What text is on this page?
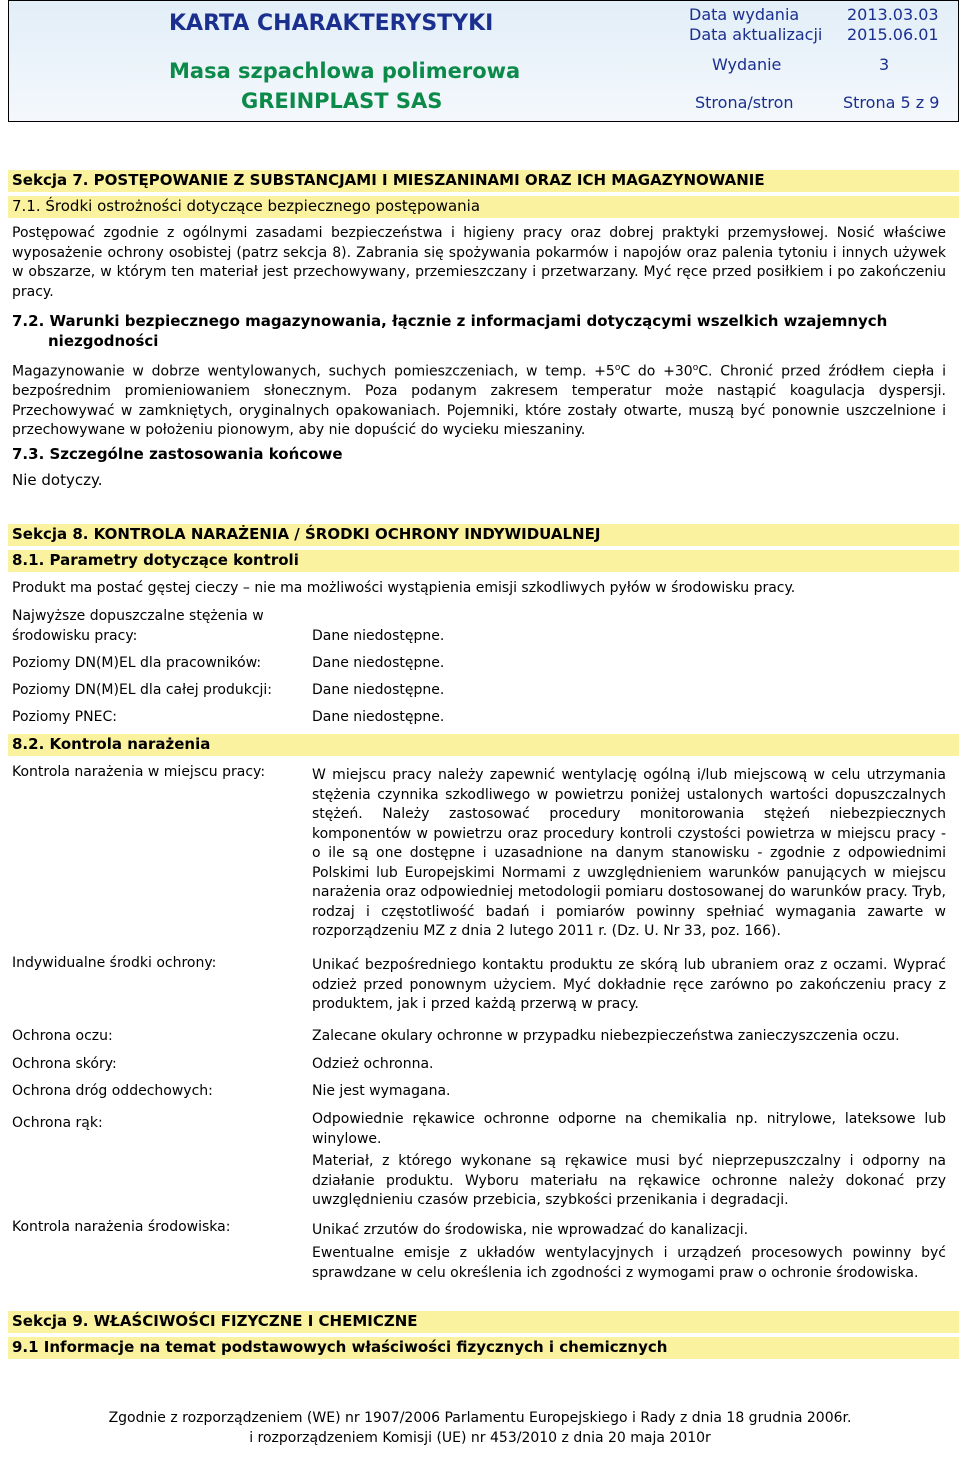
KARTA CHARAKTERYSTYKI
Masa szpachlowa polimerowa
GREINPLAST SAS
Data wydania	2013.03.03
Data aktualizacji 2015.06.01
Wydanie	3
Strona/stron	Strona 5 z 9
Sekcja 7. POSTĘPOWANIE Z SUBSTANCJAMI I MIESZANINAMI ORAZ ICH MAGAZYNOWANIE
7.1. Środki ostrożności dotyczące bezpiecznego postępowania
Postępować zgodnie z ogólnymi zasadami bezpieczeństwa i higieny pracy oraz dobrej praktyki przemysłowej. Nosić właściwe wyposażenie ochrony osobistej (patrz sekcja 8). Zabrania się spożywania pokarmów i napojów oraz palenia tytoniu i innych używek w obszarze, w którym ten materiał jest przechowywany, przemieszczany i przetwarzany. Myć ręce przed posiłkiem i po zakończeniu pracy.
7.2. Warunki bezpiecznego magazynowania, łącznie z informacjami dotyczącymi wszelkich wzajemnych
niezgodności
Magazynowanie w dobrze wentylowanych, suchych pomieszczeniach, w temp. $+5^oC$ do $+30^oC$. Chronić przed źródłem ciepła i bezpośrednim promieniowaniem słonecznym. Poza podanym zakresem temperatur może nastąpić koagulacja dyspersji. Przechowywać w zamkniętych, oryginalnych opakowaniach. Pojemniki, które zostały otwarte, muszą być ponownie uszczelnione i przechowywane w położeniu pionowym, aby nie dopuścić do wycieku mieszaniny.
7.3. Szczególne zastosowania końcowe
Nie dotyczy.
Sekcja 8. KONTROLA NARAŻENIA / ŚRODKI OCHRONY INDYWIDUALNEJ
8.1. Parametry dotyczące kontroli
Produkt ma postać gęstej cieczy – nie ma możliwości wystąpienia emisji szkodliwych pyłów w środowisku pracy.
Najwyższe dopuszczalne stężenia w środowisku pracy:	Dane niedostępne.
Poziomy DN(M)EL dla pracowników:	Dane niedostępne.
Poziomy DN(M)EL dla całej produkcji:	Dane niedostępne.
Poziomy PNEC:	Dane niedostępne.
8.2. Kontrola narażenia
Kontrola narażenia w miejscu pracy:	W miejscu pracy należy zapewnić wentylację ogólną i/lub miejscową w celu utrzymania stężenia czynnika szkodliwego w powietrzu poniżej ustalonych wartości dopuszczalnych stężeń. Należy zastosować procedury monitorowania stężeń niebezpiecznych komponentów w powietrzu oraz procedury kontroli czystości powietrza w miejscu pracy - o ile są one dostępne i uzasadnione na danym stanowisku - zgodnie z odpowiednimi Polskimi lub Europejskimi Normami z uwzględnieniem warunków panujących w miejscu narażenia oraz odpowiedniej metodologii pomiaru dostosowanej do warunków pracy. Tryb, rodzaj i częstotliwość badań i pomiarów powinny spełniać wymagania zawarte w rozporządzeniu MZ z dnia 2 lutego 2011 r. (Dz. U. Nr 33, poz. 166).
Indywidualne środki ochrony:	Unikać bezpośredniego kontaktu produktu ze skórą lub ubraniem oraz z oczami. Wyprać odzież przed ponownym użyciem. Myć dokładnie ręce zarówno po zakończeniu pracy z produktem, jak i przed każdą przerwą w pracy.
Ochrona oczu:	Zalecane okulary ochronne w przypadku niebezpieczeństwa zanieczyszczenia oczu.
Ochrona skóry:	Odzież ochronna.
Ochrona dróg oddechowych:	Nie jest wymagana.
Ochrona rąk:	Odpowiednie rękawice ochronne odporne na chemikalia np. nitrylowe, lateksowe lub winylowe.
Materiał, z którego wykonane są rękawice musi być nieprzepuszczalny i odporny na działanie produktu. Wyboru materiału na rękawice ochronne należy dokonać przy uwzględnieniu czasów przebicia, szybkości przenikania i degradacji.
Kontrola narażenia środowiska:	Unikać zrzutów do środowiska, nie wprowadzać do kanalizacji.
Ewentualne emisje z układów wentylacyjnych i urządzeń procesowych powinny być sprawdzane w celu określenia ich zgodności z wymogami praw o ochronie środowiska.
Sekcja 9. WŁAŚCIWOŚCI FIZYCZNE I CHEMICZNE
9.1 Informacje na temat podstawowych właściwości fizycznych i chemicznych
Zgodnie z rozporządzeniem (WE) nr 1907/2006 Parlamentu Europejskiego i Rady z dnia 18 grudnia 2006r.
i rozporządzeniem Komisji (UE) nr 453/2010 z dnia 20 maja 2010r
